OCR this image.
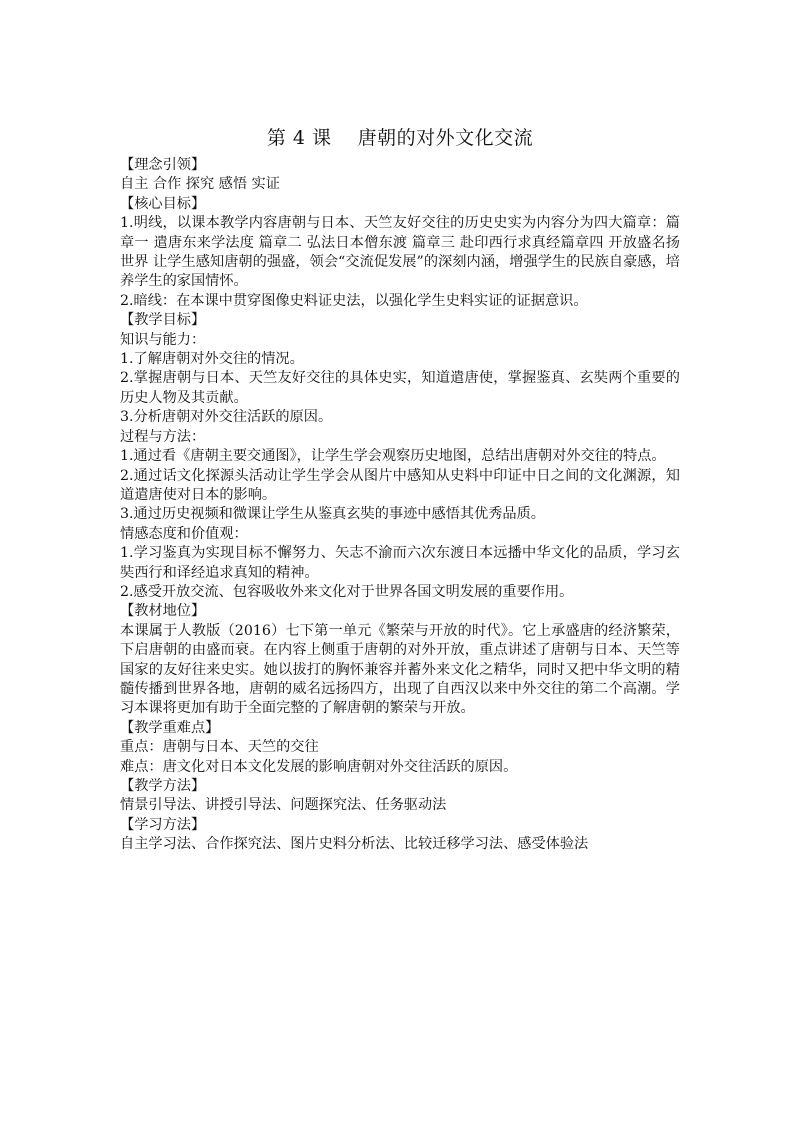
第 4 课    唐朝的对外文化交流
【理念引领】
自主 合作 探究 感悟 实证
【核心目标】

1.明线，以课本教学内容唐朝与日本、天竺友好交往的历史史实为内容分为四大篇章：篇章一 遣唐东来学法度 篇章二 弘法日本僧东渡 篇章三 赴印西行求真经篇章四 开放盛名扬世界 让学生感知唐朝的强盛，领会“交流促发展”的深刻内涵，增强学生的民族自豪感，培养学生的家国情怀。

2.暗线：在本课中贯穿图像史料证史法，以强化学生史料实证的证据意识。

【教学目标】
知识与能力：

1.了解唐朝对外交往的情况。

2.掌握唐朝与日本、天竺友好交往的具体史实，知道遣唐使，掌握鉴真、玄奘两个重要的历史人物及其贡献。

3.分析唐朝对外交往活跃的原因。

过程与方法：

1.通过看《唐朝主要交通图》，让学生学会观察历史地图，总结出唐朝对外交往的特点。

2.通过话文化探源头活动让学生学会从图片中感知从史料中印证中日之间的文化渊源，知道遣唐使对日本的影响。

3.通过历史视频和微课让学生从鉴真玄奘的事迹中感悟其优秀品质。

情感态度和价值观：

1.学习鉴真为实现目标不懈努力、矢志不渝而六次东渡日本远播中华文化的品质，学习玄奘西行和译经追求真知的精神。

2.感受开放交流、包容吸收外来文化对于世界各国文明发展的重要作用。

【教材地位】

本课属于人教版（2016）七下第一单元《繁荣与开放的时代》。它上承盛唐的经济繁荣，下启唐朝的由盛而衰。在内容上侧重于唐朝的对外开放，重点讲述了唐朝与日本、天竺等国家的友好往来史实。她以拔打的胸怀兼容并蓄外来文化之精华，同时又把中华文明的精髓传播到世界各地，唐朝的威名远扬四方，出现了自西汉以来中外交往的第二个高潮。学习本课将更加有助于全面完整的了解唐朝的繁荣与开放。

【教学重难点】
重点：唐朝与日本、天竺的交往
难点：唐文化对日本文化发展的影响唐朝对外交往活跃的原因。
【教学方法】
情景引导法、讲授引导法、问题探究法、任务驱动法
【学习方法】
自主学习法、合作探究法、图片史料分析法、比较迁移学习法、感受体验法
